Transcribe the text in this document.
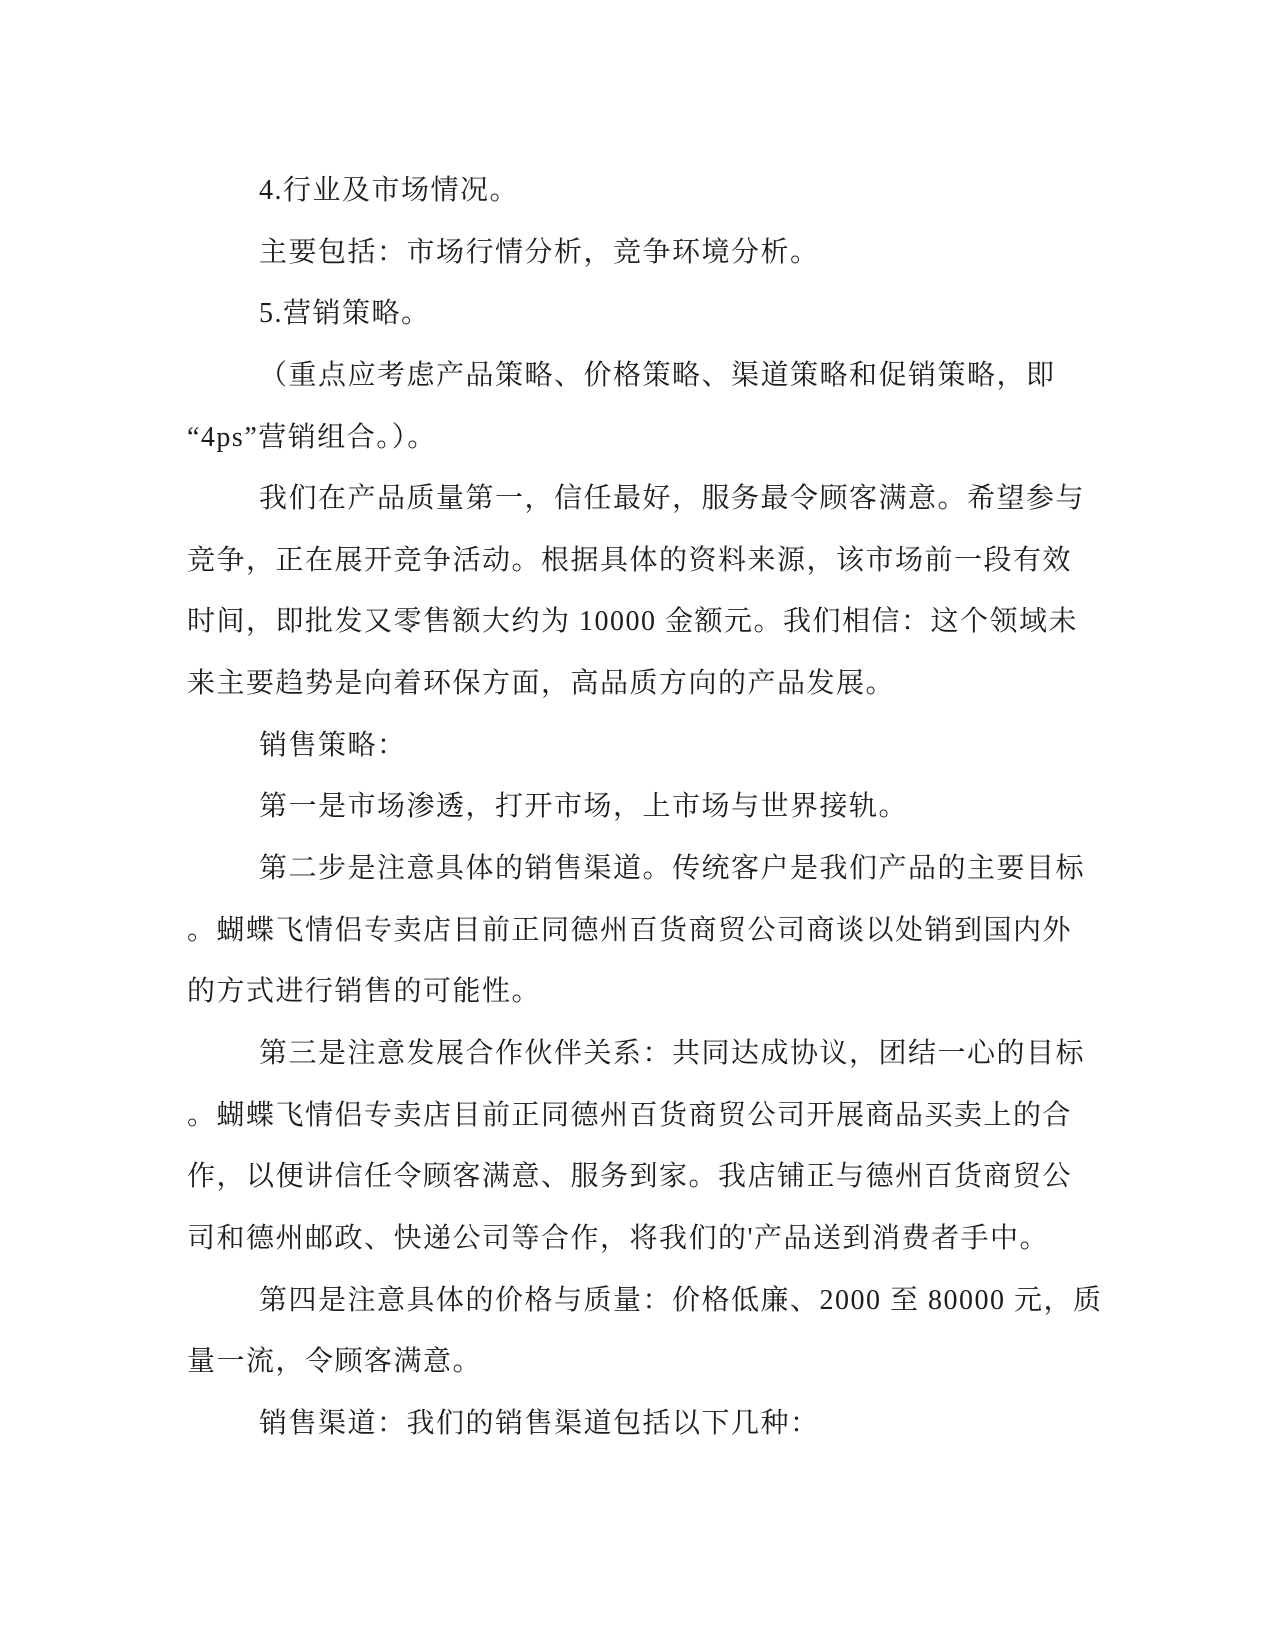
4.行业及市场情况。
主要包括：市场行情分析，竞争环境分析。
5.营销策略。
（重点应考虑产品策略、价格策略、渠道策略和促销策略，即
“4ps”营销组合。）。
我们在产品质量第一，信任最好，服务最令顾客满意。希望参与
竞争，正在展开竞争活动。根据具体的资料来源，该市场前一段有效
时间，即批发又零售额大约为 10000 金额元。我们相信：这个领域未
来主要趋势是向着环保方面，高品质方向的产品发展。
销售策略：
第一是市场渗透，打开市场，上市场与世界接轨。
第二步是注意具体的销售渠道。传统客户是我们产品的主要目标
。蝴蝶飞情侣专卖店目前正同德州百货商贸公司商谈以处销到国内外
的方式进行销售的可能性。
第三是注意发展合作伙伴关系：共同达成协议，团结一心的目标
。蝴蝶飞情侣专卖店目前正同德州百货商贸公司开展商品买卖上的合
作，以便讲信任令顾客满意、服务到家。我店铺正与德州百货商贸公
司和德州邮政、快递公司等合作，将我们的'产品送到消费者手中。
第四是注意具体的价格与质量：价格低廉、2000 至 80000 元，质
量一流，令顾客满意。
销售渠道：我们的销售渠道包括以下几种：
